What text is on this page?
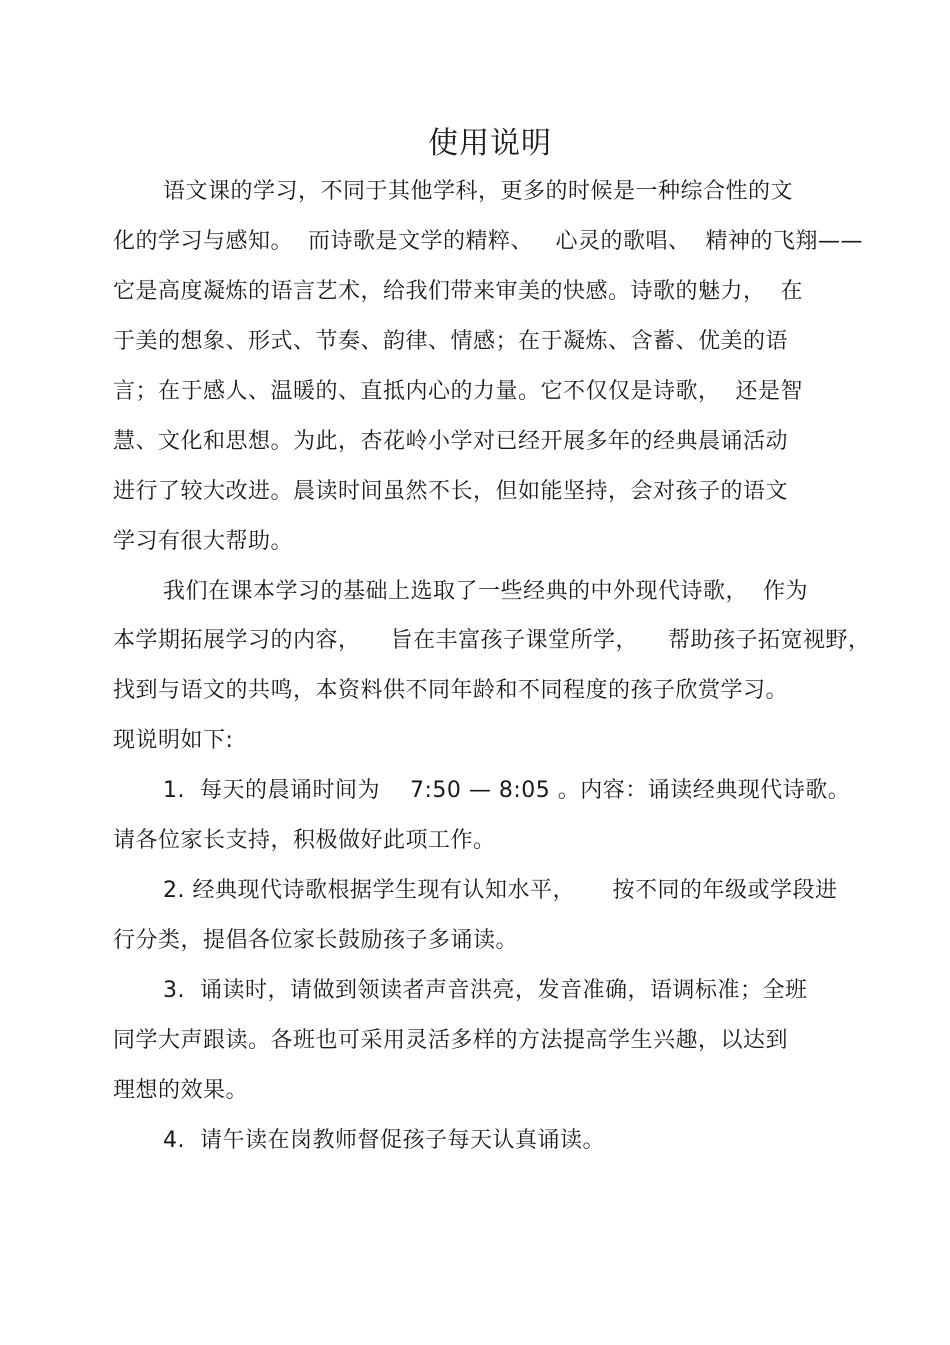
使用说明
语文课的学习，不同于其他学科，更多的时候是一种综合性的文
化的学习与感知。  而诗歌是文学的精粹、   心灵的歌唱、  精神的飞翔——
它是高度凝炼的语言艺术，给我们带来审美的快感。诗歌的魅力，  在
于美的想象、形式、节奏、韵律、情感；在于凝炼、含蓄、优美的语
言；在于感人、温暖的、直抵内心的力量。它不仅仅是诗歌，  还是智
慧、文化和思想。为此，杏花岭小学对已经开展多年的经典晨诵活动
进行了较大改进。晨读时间虽然不长，但如能坚持，会对孩子的语文
学习有很大帮助。
我们在课本学习的基础上选取了一些经典的中外现代诗歌，  作为
本学期拓展学习的内容，    旨在丰富孩子课堂所学，    帮助孩子拓宽视野，
找到与语文的共鸣，本资料供不同年龄和不同程度的孩子欣赏学习。
现说明如下:
1.  每天的晨诵时间为    7:50 — 8:05 。内容：诵读经典现代诗歌。
请各位家长支持，积极做好此项工作。
2. 经典现代诗歌根据学生现有认知水平，     按不同的年级或学段进
行分类，提倡各位家长鼓励孩子多诵读。
3.  诵读时，请做到领读者声音洪亮，发音准确，语调标准；全班
同学大声跟读。各班也可采用灵活多样的方法提高学生兴趣，以达到
理想的效果。
4.  请午读在岗教师督促孩子每天认真诵读。
